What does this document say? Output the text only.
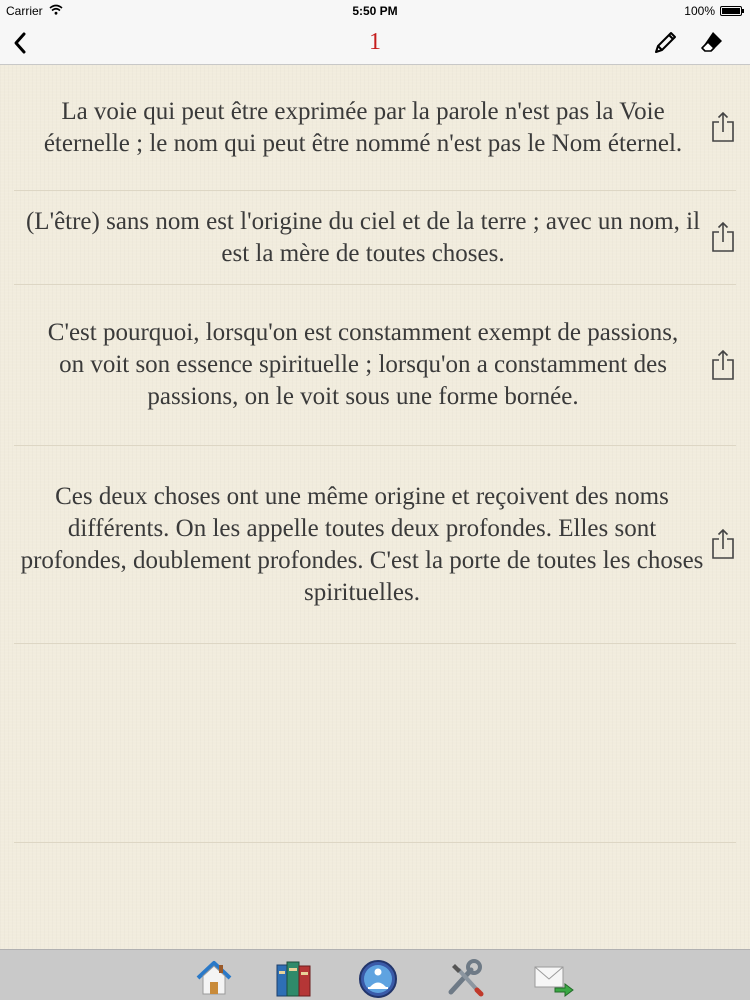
Carrier	5:50 PM	100%
1
La voie qui peut être exprimée par la parole n'est pas la Voie éternelle ; le nom qui peut être nommé n'est pas le Nom éternel.
(L'être) sans nom est l'origine du ciel et de la terre ; avec un nom, il est la mère de toutes choses.
C'est pourquoi, lorsqu'on est constamment exempt de passions, on voit son essence spirituelle ; lorsqu'on a constamment des passions, on le voit sous une forme bornée.
Ces deux choses ont une même origine et reçoivent des noms différents. On les appelle toutes deux profondes. Elles sont profondes, doublement profondes. C'est la porte de toutes les choses spirituelles.
